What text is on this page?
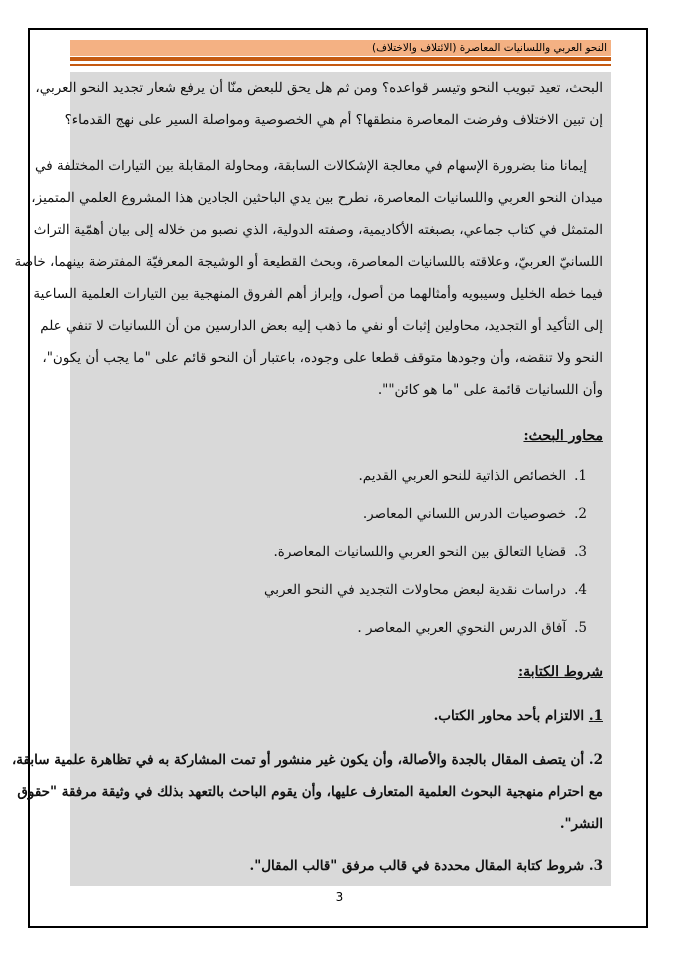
النحو العربي واللسانيات المعاصرة (الائتلاف والاختلاف)
البحث، تعيد تبويب النحو وتيسر قواعده؟ ومن ثم هل يحق للبعض منّا أن يرفع شعار تجديد النحو العربي،
إن تبين الاختلاف وفرضت المعاصرة منطقها؟ أم هي الخصوصية ومواصلة السير على نهج القدماء؟
إيمانا منا بضرورة الإسهام في معالجة الإشكالات السابقة، ومحاولة المقابلة بين التيارات المختلفة في
ميدان النحو العربي واللسانيات المعاصرة، نطرح بين يدي الباحثين الجادين هذا المشروع العلمي المتميز،
المتمثل في كتاب جماعي، بصبغته الأكاديمية، وصفته الدولية، الذي نصبو من خلاله إلى بيان أهمّية التراث
اللسانيّ العربيّ، وعلاقته باللسانيات المعاصرة، وبحث القطيعة أو الوشيجة المعرفيّة المفترضة بينهما، خاصة
فيما خطه الخليل وسيبويه وأمثالهما من أصول، وإبراز أهم الفروق المنهجية بين التيارات العلمية الساعية
إلى التأكيد أو التجديد، محاولين إثبات أو نفي ما ذهب إليه بعض الدارسين من أن اللسانيات لا تنفي علم
النحو ولا تنقضه، وأن وجودها متوقف قطعا على وجوده، باعتبار أن النحو قائم على "ما يجب أن يكون"،
وأن اللسانيات قائمة على "ما هو كائن"".
محاور البحث:
1.الخصائص الذاتية للنحو العربي القديم.
2.خصوصيات الدرس اللساني المعاصر.
3.قضايا التعالق بين النحو العربي واللسانيات المعاصرة.
4.دراسات نقدية لبعض محاولات التجديد في النحو العربي
5.آفاق الدرس النحوي العربي المعاصر .
شروط الكتابة:
1. الالتزام بأحد محاور الكتاب.
2. أن يتصف المقال بالجدة والأصالة، وأن يكون غير منشور أو تمت المشاركة به في تظاهرة علمية سابقة،
مع احترام منهجية البحوث العلمية المتعارف عليها، وأن يقوم الباحث بالتعهد بذلك في وثيقة مرفقة "حقوق
النشر".
3. شروط كتابة المقال محددة في قالب مرفق "قالب المقال".
3
